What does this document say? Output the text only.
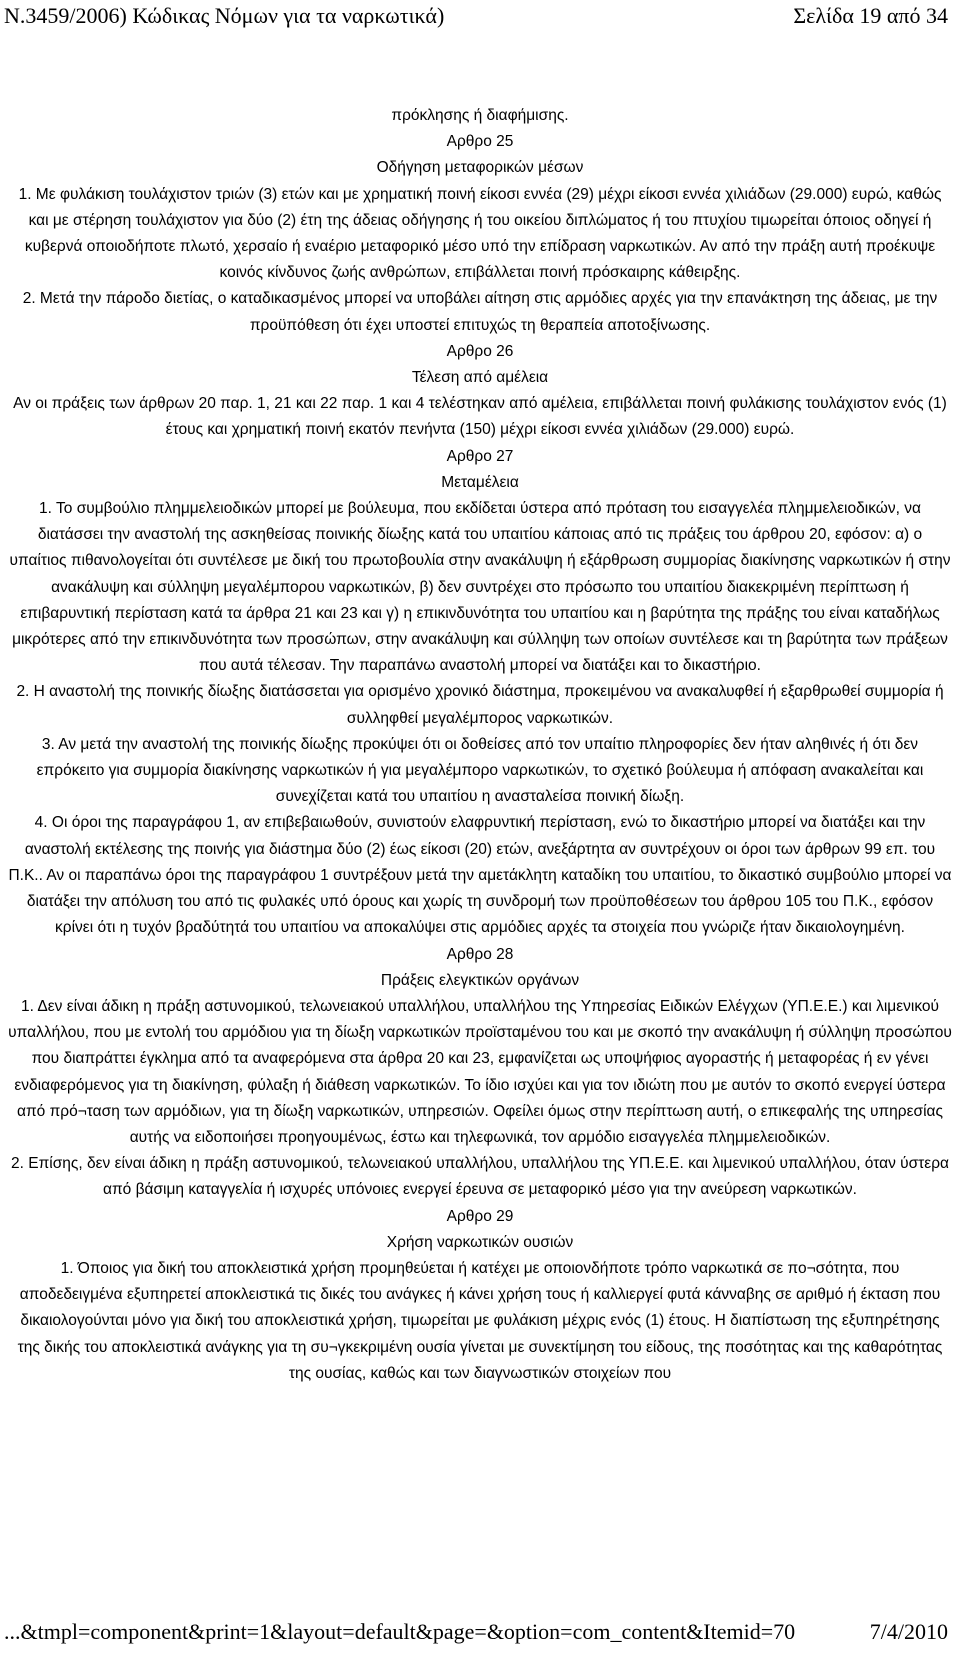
N.3459/2006) Κώδικας Νόμων για τα ναρκωτικά)	Σελίδα 19 από 34

πρόκλησης ή διαφήμισης.

Αρθρο 25

Οδήγηση μεταφορικών μέσων

1. Με φυλάκιση τουλάχιστον τριών (3) ετών και με χρηματική ποινή είκοσι εννέα (29) μέχρι είκοσι εννέα χιλιάδων (29.000) ευρώ, καθώς και με στέρηση τουλάχιστον για δύο (2) έτη της άδειας οδήγησης ή του οικείου διπλώματος ή του πτυχίου τιμωρείται όποιος οδηγεί ή κυβερνά οποιοδήποτε πλωτό, χερσαίο ή εναέριο μεταφορικό μέσο υπό την επίδραση ναρκωτικών. Αν από την πράξη αυτή προέκυψε κοινός κίνδυνος ζωής ανθρώπων, επιβάλλεται ποινή πρόσκαιρης κάθειρξης.

2. Μετά την πάροδο διετίας, ο καταδικασμένος μπορεί να υποβάλει αίτηση στις αρμόδιες αρχές για την επανάκτηση της άδειας, με την προϋπόθεση ότι έχει υποστεί επιτυχώς τη θεραπεία αποτοξίνωσης.

Αρθρο 26

Τέλεση από αμέλεια

Αν οι πράξεις των άρθρων 20 παρ. 1, 21 και 22 παρ. 1 και 4 τελέστηκαν από αμέλεια, επιβάλλεται ποινή φυλάκισης τουλάχιστον ενός (1) έτους και χρηματική ποινή εκατόν πενήντα (150) μέχρι είκοσι εννέα χιλιάδων (29.000) ευρώ.

Αρθρο 27

Μεταμέλεια

1. Το συμβούλιο πλημμελειοδικών μπορεί με βούλευμα, που εκδίδεται ύστερα από πρόταση του εισαγγελέα πλημμελειοδικών, να διατάσσει την αναστολή της ασκηθείσας ποινικής δίωξης κατά του υπαιτίου κάποιας από τις πράξεις του άρθρου 20, εφόσον: α) ο υπαίτιος πιθανολογείται ότι συντέλεσε με δική του πρωτοβουλία στην ανακάλυψη ή εξάρθρωση συμμορίας διακίνησης ναρκωτικών ή στην ανακάλυψη και σύλληψη μεγαλέμπορου ναρκωτικών, β) δεν συντρέχει στο πρόσωπο του υπαιτίου διακεκριμένη περίπτωση ή επιβαρυντική περίσταση κατά τα άρθρα 21 και 23 και γ) η επικινδυνότητα του υπαιτίου και η βαρύτητα της πράξης του είναι καταδήλως μικρότερες από την επικινδυνότητα των προσώπων, στην ανακάλυψη και σύλληψη των οποίων συντέλεσε και τη βαρύτητα των πράξεων που αυτά τέλεσαν. Την παραπάνω αναστολή μπορεί να διατάξει και το δικαστήριο.

2. Η αναστολή της ποινικής δίωξης διατάσσεται για ορισμένο χρονικό διάστημα, προκειμένου να ανακαλυφθεί ή εξαρθρωθεί συμμορία ή συλληφθεί μεγαλέμπορος ναρκωτικών.

3. Αν μετά την αναστολή της ποινικής δίωξης προκύψει ότι οι δοθείσες από τον υπαίτιο πληροφορίες δεν ήταν αληθινές ή ότι δεν επρόκειτο για συμμορία διακίνησης ναρκωτικών ή για μεγαλέμπορο ναρκωτικών, το σχετικό βούλευμα ή απόφαση ανακαλείται και συνεχίζεται κατά του υπαιτίου η ανασταλείσα ποινική δίωξη.

4. Οι όροι της παραγράφου 1, αν επιβεβαιωθούν, συνιστούν ελαφρυντική περίσταση, ενώ το δικαστήριο μπορεί να διατάξει και την αναστολή εκτέλεσης της ποινής για διάστημα δύο (2) έως είκοσι (20) ετών, ανεξάρτητα αν συντρέχουν οι όροι των άρθρων 99 επ. του Π.Κ.. Αν οι παραπάνω όροι της παραγράφου 1 συντρέξουν μετά την αμετάκλητη καταδίκη του υπαιτίου, το δικαστικό συμβούλιο μπορεί να διατάξει την απόλυση του από τις φυλακές υπό όρους και χωρίς τη συνδρομή των προϋποθέσεων του άρθρου 105 του Π.Κ., εφόσον κρίνει ότι η τυχόν βραδύτητά του υπαιτίου να αποκαλύψει στις αρμόδιες αρχές τα στοιχεία που γνώριζε ήταν δικαιολογημένη.

Αρθρο 28

Πράξεις ελεγκτικών οργάνων

1. Δεν είναι άδικη η πράξη αστυνομικού, τελωνειακού υπαλλήλου, υπαλλήλου της Υπηρεσίας Ειδικών Ελέγχων (ΥΠ.Ε.Ε.) και λιμενικού υπαλλήλου, που με εντολή του αρμόδιου για τη δίωξη ναρκωτικών προϊσταμένου του και με σκοπό την ανακάλυψη ή σύλληψη προσώπου που διαπράττει έγκλημα από τα αναφερόμενα στα άρθρα 20 και 23, εμφανίζεται ως υποψήφιος αγοραστής ή μεταφορέας ή εν γένει ενδιαφερόμενος για τη διακίνηση, φύλαξη ή διάθεση ναρκωτικών. Το ίδιο ισχύει και για τον ιδιώτη που με αυτόν το σκοπό ενεργεί ύστερα από πρό¬ταση των αρμόδιων, για τη δίωξη ναρκωτικών, υπηρεσιών. Οφείλει όμως στην περίπτωση αυτή, ο επικεφαλής της υπηρεσίας αυτής να ειδοποιήσει προηγουμένως, έστω και τηλεφωνικά, τον αρμόδιο εισαγγελέα πλημμελειοδικών.

2. Επίσης, δεν είναι άδικη η πράξη αστυνομικού, τελωνειακού υπαλλήλου, υπαλλήλου της ΥΠ.Ε.Ε. και λιμενικού υπαλλήλου, όταν ύστερα από βάσιμη καταγγελία ή ισχυρές υπόνοιες ενεργεί έρευνα σε μεταφορικό μέσο για την ανεύρεση ναρκωτικών.

Αρθρο 29

Χρήση ναρκωτικών ουσιών

1. Όποιος για δική του αποκλειστικά χρήση προμηθεύεται ή κατέχει με οποιονδήποτε τρόπο ναρκωτικά σε πο¬σότητα, που αποδεδειγμένα εξυπηρετεί αποκλειστικά τις δικές του ανάγκες ή κάνει χρήση τους ή καλλιεργεί φυτά κάνναβης σε αριθμό ή έκταση που δικαιολογούνται μόνο για δική του αποκλειστικά χρήση, τιμωρείται με φυλάκιση μέχρις ενός (1) έτους. Η διαπίστωση της εξυπηρέτησης της δικής του αποκλειστικά ανάγκης για τη συ¬γκεκριμένη ουσία γίνεται με συνεκτίμηση του είδους, της ποσότητας και της καθαρότητας της ουσίας, καθώς και των διαγνωστικών στοιχείων που

...&tmpl=component&print=1&layout=default&page=&option=com_content&Itemid=70	7/4/2010
